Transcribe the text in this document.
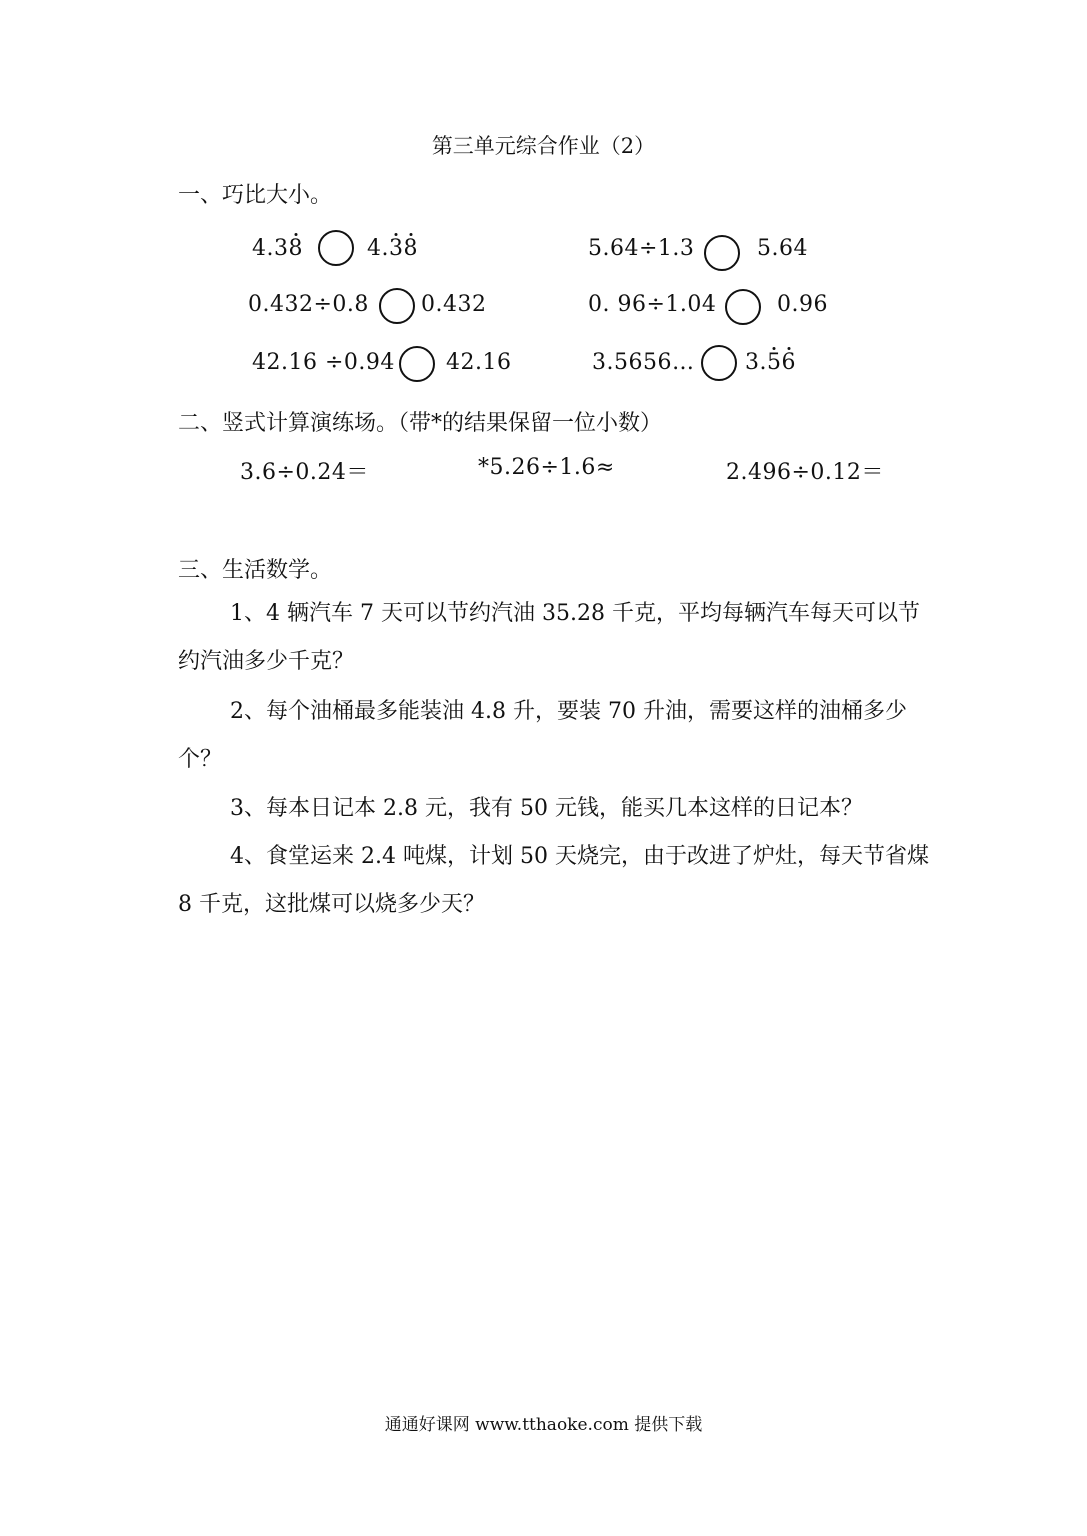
第三单元综合作业（2）
一、巧比大小。
4.38	4.38	5.64÷1.3	5.64
0.432÷0.8 0.432	0. 96÷1.04	0.96
42.16 ÷0.94 42.16	3.5656… 3.56
二、竖式计算演练场。（带*的结果保留一位小数）
3.6÷0.24＝	*5.26÷1.6≈	2.496÷0.12＝
三、生活数学。
1、4 辆汽车 7 天可以节约汽油 35.28 千克，平均每辆汽车每天可以节约汽油多少千克？
2、每个油桶最多能装油 4.8 升，要装 70 升油，需要这样的油桶多少个？
3、每本日记本 2.8 元，我有 50 元钱，能买几本这样的日记本？
4、食堂运来 2.4 吨煤，计划 50 天烧完，由于改进了炉灶，每天节省煤 8 千克，这批煤可以烧多少天？
通通好课网 www.tthaoke.com 提供下载
